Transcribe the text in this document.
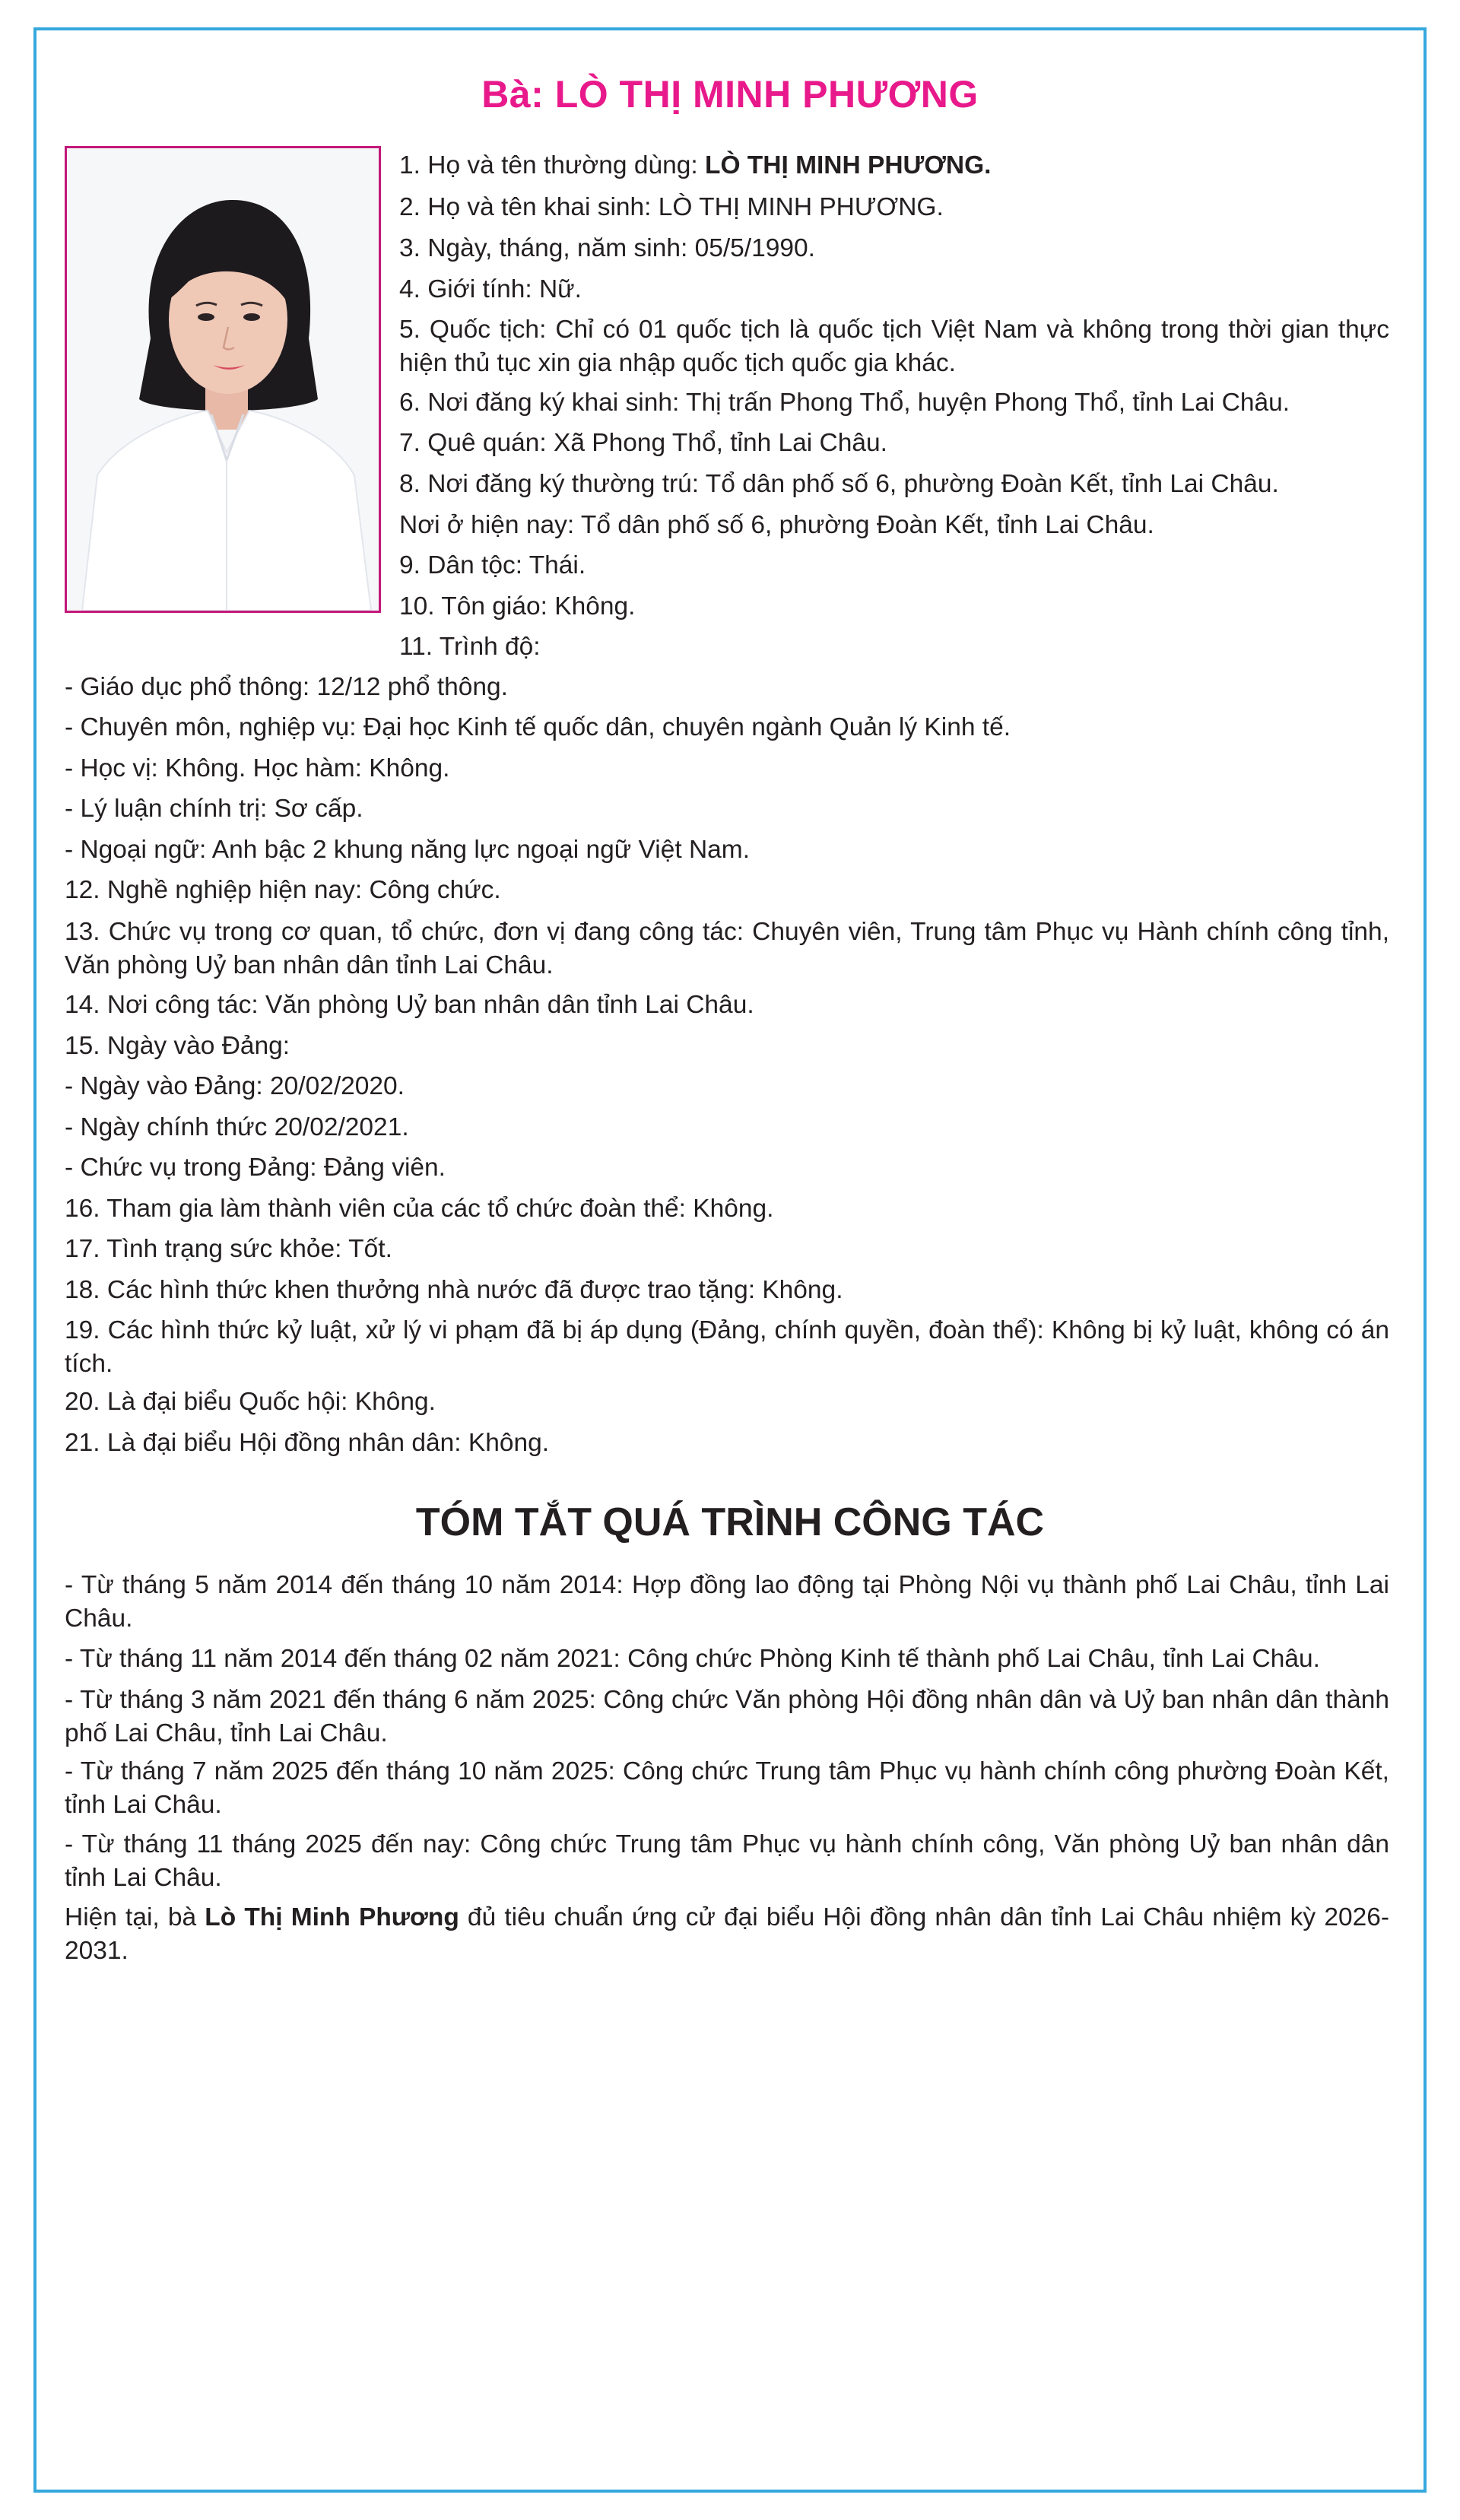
Bà: LÒ THỊ MINH PHƯƠNG
1. Họ và tên thường dùng: LÒ THỊ MINH PHƯƠNG.
2. Họ và tên khai sinh: LÒ THỊ MINH PHƯƠNG.
3. Ngày, tháng, năm sinh: 05/5/1990.
4. Giới tính: Nữ.
5. Quốc tịch: Chỉ có 01 quốc tịch là quốc tịch Việt Nam và không trong thời gian thực hiện thủ tục xin gia nhập quốc tịch quốc gia khác.
6. Nơi đăng ký khai sinh: Thị trấn Phong Thổ, huyện Phong Thổ, tỉnh Lai Châu.
7. Quê quán: Xã Phong Thổ, tỉnh Lai Châu.
8. Nơi đăng ký thường trú: Tổ dân phố số 6, phường Đoàn Kết, tỉnh Lai Châu.
Nơi ở hiện nay: Tổ dân phố số 6, phường Đoàn Kết, tỉnh Lai Châu.
9. Dân tộc: Thái.
10. Tôn giáo: Không.
11. Trình độ:
- Giáo dục phổ thông: 12/12 phổ thông.
- Chuyên môn, nghiệp vụ: Đại học Kinh tế quốc dân, chuyên ngành Quản lý Kinh tế.
- Học vị: Không. Học hàm: Không.
- Lý luận chính trị: Sơ cấp.
- Ngoại ngữ: Anh bậc 2 khung năng lực ngoại ngữ Việt Nam.
12. Nghề nghiệp hiện nay: Công chức.
13. Chức vụ trong cơ quan, tổ chức, đơn vị đang công tác: Chuyên viên, Trung tâm Phục vụ Hành chính công tỉnh, Văn phòng Uỷ ban nhân dân tỉnh Lai Châu.
14. Nơi công tác: Văn phòng Uỷ ban nhân dân tỉnh Lai Châu.
15. Ngày vào Đảng:
- Ngày vào Đảng: 20/02/2020.
- Ngày chính thức 20/02/2021.
- Chức vụ trong Đảng: Đảng viên.
16. Tham gia làm thành viên của các tổ chức đoàn thể: Không.
17. Tình trạng sức khỏe: Tốt.
18. Các hình thức khen thưởng nhà nước đã được trao tặng: Không.
19. Các hình thức kỷ luật, xử lý vi phạm đã bị áp dụng (Đảng, chính quyền, đoàn thể): Không bị kỷ luật, không có án tích.
20. Là đại biểu Quốc hội: Không.
21. Là đại biểu Hội đồng nhân dân: Không.
TÓM TẮT QUÁ TRÌNH CÔNG TÁC
- Từ tháng 5 năm 2014 đến tháng 10 năm 2014: Hợp đồng lao động tại Phòng Nội vụ thành phố Lai Châu, tỉnh Lai Châu.
- Từ tháng 11 năm 2014 đến tháng 02 năm 2021: Công chức Phòng Kinh tế thành phố Lai Châu, tỉnh Lai Châu.
- Từ tháng 3 năm 2021 đến tháng 6 năm 2025: Công chức Văn phòng Hội đồng nhân dân và Uỷ ban nhân dân thành phố Lai Châu, tỉnh Lai Châu.
- Từ tháng 7 năm 2025 đến tháng 10 năm 2025: Công chức Trung tâm Phục vụ hành chính công phường Đoàn Kết, tỉnh Lai Châu.
- Từ tháng 11 tháng 2025 đến nay: Công chức Trung tâm Phục vụ hành chính công, Văn phòng Uỷ ban nhân dân tỉnh Lai Châu.
Hiện tại, bà Lò Thị Minh Phương đủ tiêu chuẩn ứng cử đại biểu Hội đồng nhân dân tỉnh Lai Châu nhiệm kỳ 2026-2031.
